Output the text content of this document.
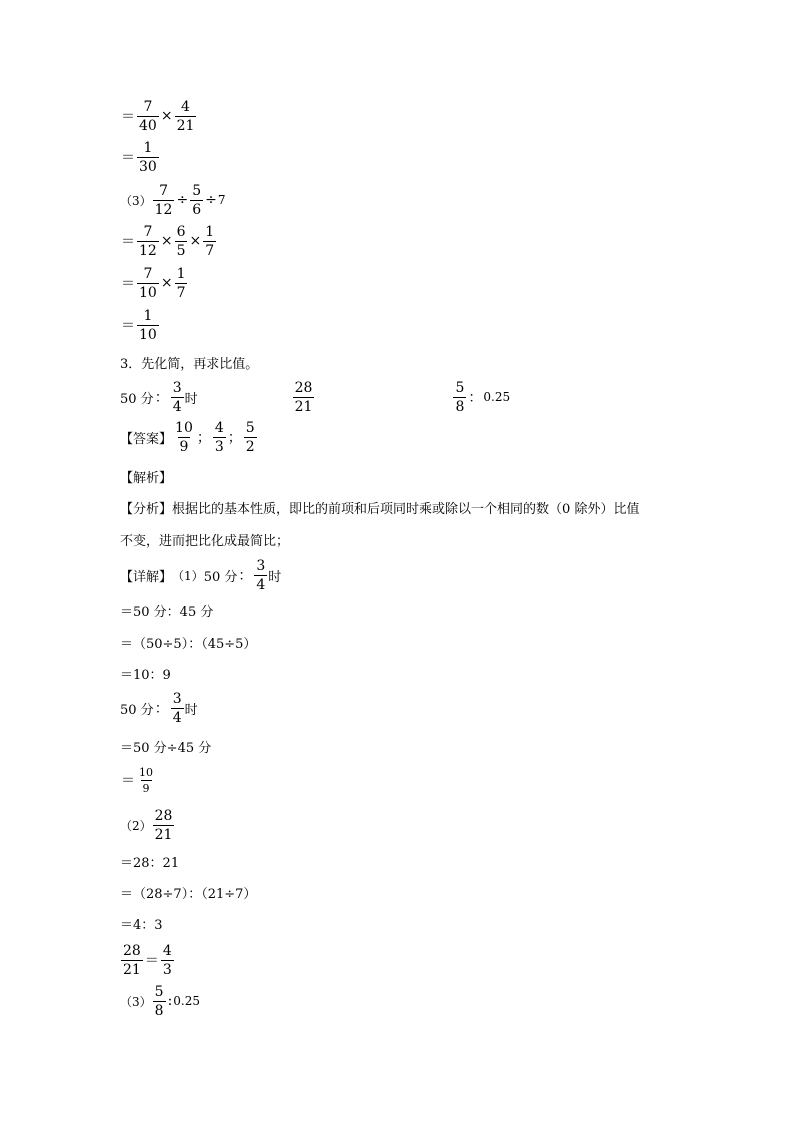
＝ $\frac{7}{40} \times \frac{4}{21}$
＝ $\frac{1}{30}$
$(3) \frac{7}{12} \div \frac{5}{6} \div 7$
＝ $\frac{7}{12} \times \frac{6}{5} \times \frac{1}{7}$
＝ $\frac{7}{10} \times \frac{1}{7}$
＝ $\frac{1}{10}$
3．先化简，再求比值。
50 分 ： $\frac{3}{4}$ 时	$\frac{28}{21}$	$\frac{5}{8}$ ： 0.25
【 答案 】 $\frac{10}{9}$ ； $\frac{4}{3}$ ； $\frac{5}{2}$
【 解析 】
【 分析 】 根据比的基本性质，即比的前项和后项同时乘或除以一个相同的数（0 除外）比值
不变，进而把比化成最简比；
【 详解 】 （1） 50 分 ： $\frac{3}{4}$ 时
＝50 分：45 分
＝（50÷5）：（45÷5）
＝10：9
50 分 ： $\frac{3}{4}$ 时
＝50 分÷45 分
＝ $\frac{10}{9}$
$(2) \frac{28}{21}$
＝28：21
＝（28÷7）：（21÷7）
＝4：3
$\frac{28}{21} = \frac{4}{3}$
$(3) \frac{5}{8}$ : 0.25
